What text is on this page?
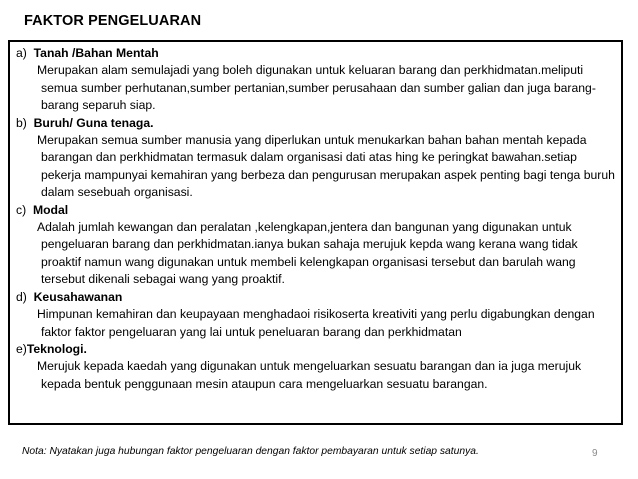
FAKTOR PENGELUARAN
a) Tanah /Bahan Mentah
Merupakan alam semulajadi yang boleh digunakan untuk keluaran barang dan perkhidmatan.meliputi semua sumber perhutanan,sumber pertanian,sumber perusahaan dan sumber galian dan juga barang-barang separuh siap.
b) Buruh/ Guna tenaga.
Merupakan semua sumber manusia yang diperlukan untuk menukarkan bahan bahan mentah kepada barangan dan perkhidmatan termasuk dalam organisasi dati atas hing ke peringkat bawahan.setiap pekerja mampunyai kemahiran yang berbeza dan pengurusan merupakan aspek penting bagi tenga buruh dalam sesebuah organisasi.
c) Modal
Adalah jumlah kewangan dan peralatan ,kelengkapan,jentera dan bangunan yang digunakan untuk pengeluaran barang dan perkhidmatan.ianya bukan sahaja merujuk kepda wang kerana wang tidak proaktif namun wang digunakan untuk membeli kelengkapan organisasi tersebut dan barulah wang tersebut dikenali sebagai wang yang proaktif.
d) Keusahawanan
Himpunan kemahiran dan keupayaan menghadaoi risikoserta kreativiti yang perlu digabungkan dengan faktor faktor pengeluaran yang lai untuk peneluaran barang dan perkhidmatan
e)Teknologi.
Merujuk kepada kaedah yang digunakan untuk mengeluarkan sesuatu barangan dan ia juga merujuk kepada bentuk penggunaan mesin ataupun cara mengeluarkan sesuatu barangan.
Nota: Nyatakan juga hubungan faktor pengeluaran dengan faktor pembayaran untuk setiap satunya.	9
